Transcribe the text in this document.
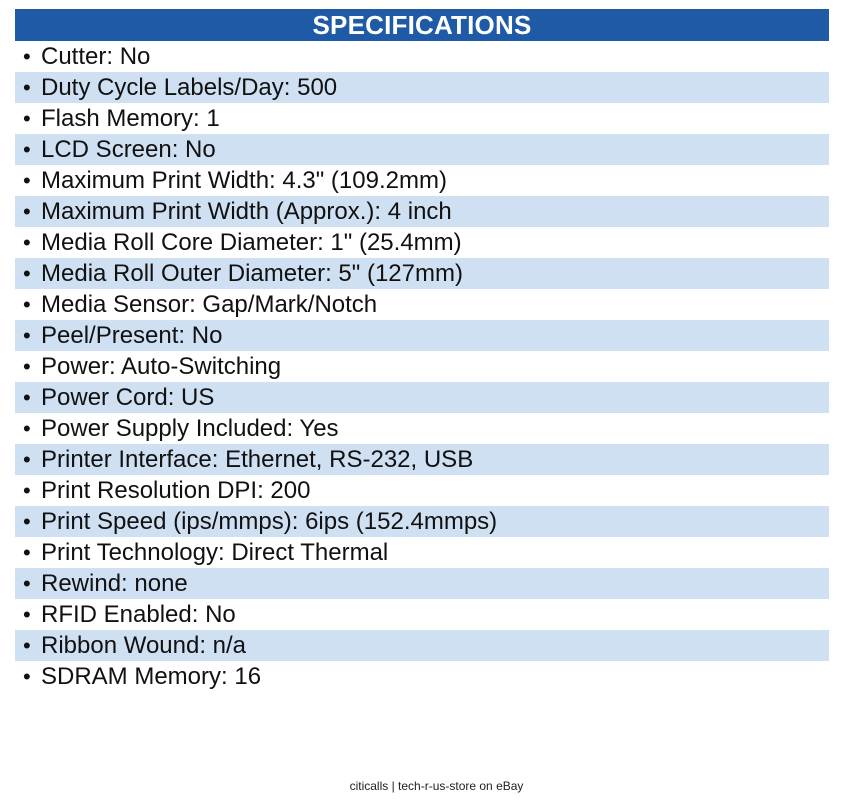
SPECIFICATIONS
• Cutter: No
• Duty Cycle Labels/Day: 500
• Flash Memory: 1
• LCD Screen: No
• Maximum Print Width: 4.3" (109.2mm)
• Maximum Print Width (Approx.): 4 inch
• Media Roll Core Diameter: 1" (25.4mm)
• Media Roll Outer Diameter: 5" (127mm)
• Media Sensor: Gap/Mark/Notch
• Peel/Present: No
• Power: Auto-Switching
• Power Cord: US
• Power Supply Included: Yes
• Printer Interface: Ethernet, RS-232, USB
• Print Resolution DPI: 200
• Print Speed (ips/mmps): 6ips (152.4mmps)
• Print Technology: Direct Thermal
• Rewind: none
• RFID Enabled: No
• Ribbon Wound: n/a
• SDRAM Memory: 16
citicalls | tech-r-us-store on eBay
